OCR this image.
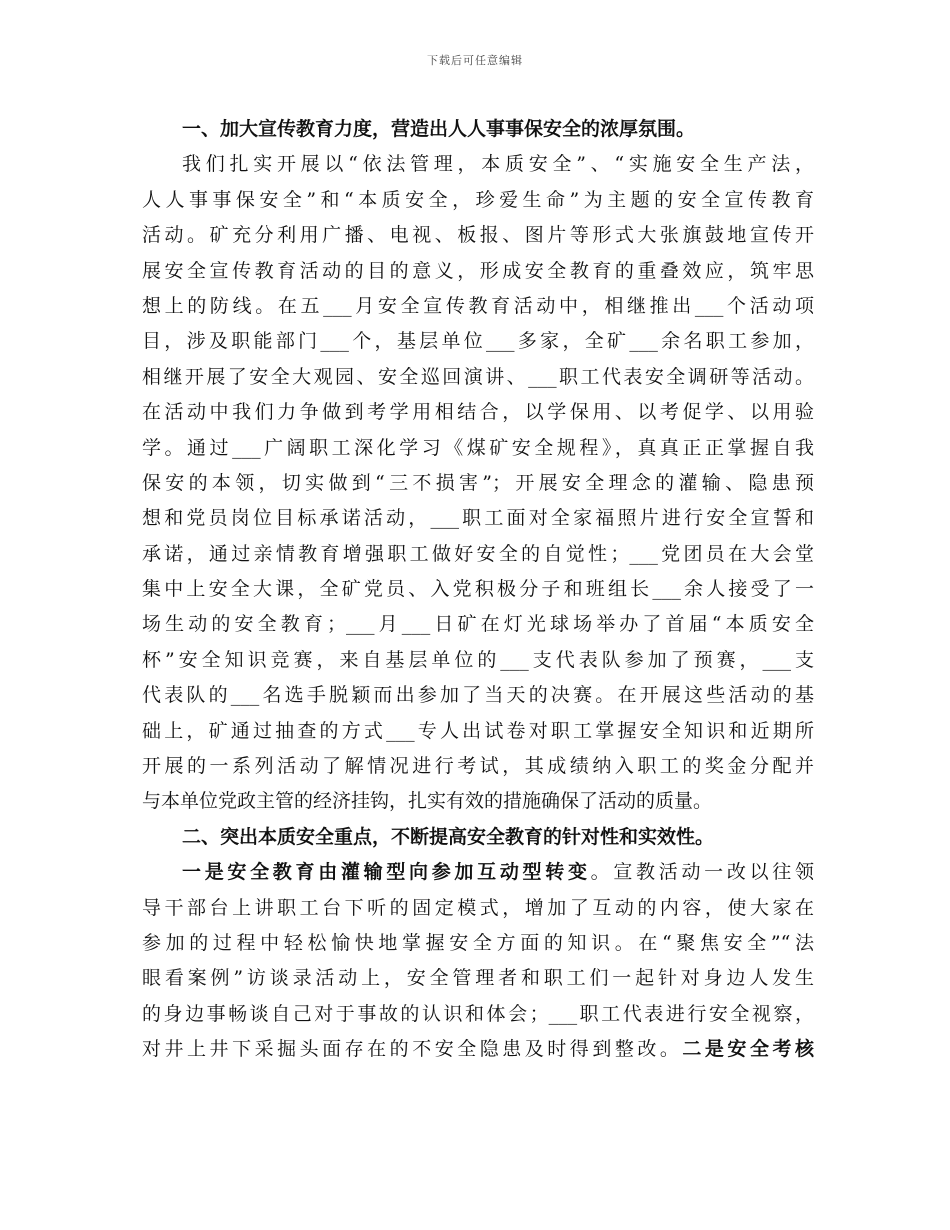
下载后可任意编辑
一、加大宣传教育力度，营造出人人事事保安全的浓厚氛围。
我们扎实开展以“依法管理，本质安全”、“实施安全生产法，
人人事事保安全”和“本质安全，珍爱生命”为主题的安全宣传教育
活动。矿充分利用广播、电视、板报、图片等形式大张旗鼓地宣传开
展安全宣传教育活动的目的意义，形成安全教育的重叠效应，筑牢思
想上的防线。在五___月安全宣传教育活动中，相继推出___个活动项
目，涉及职能部门___个，基层单位___多家，全矿___余名职工参加，
相继开展了安全大观园、安全巡回演讲、___职工代表安全调研等活动。
在活动中我们力争做到考学用相结合，以学保用、以考促学、以用验
学。通过___广阔职工深化学习《煤矿安全规程》，真真正正掌握自我
保安的本领，切实做到“三不损害”；开展安全理念的灌输、隐患预
想和党员岗位目标承诺活动，___职工面对全家福照片进行安全宣誓和
承诺，通过亲情教育增强职工做好安全的自觉性；___党团员在大会堂
集中上安全大课，全矿党员、入党积极分子和班组长___余人接受了一
场生动的安全教育；___月___日矿在灯光球场举办了首届“本质安全
杯”安全知识竞赛，来自基层单位的___支代表队参加了预赛，___支
代表队的___名选手脱颖而出参加了当天的决赛。在开展这些活动的基
础上，矿通过抽查的方式___专人出试卷对职工掌握安全知识和近期所
开展的一系列活动了解情况进行考试，其成绩纳入职工的奖金分配并
与本单位党政主管的经济挂钩，扎实有效的措施确保了活动的质量。
二、突出本质安全重点，不断提高安全教育的针对性和实效性。
一是安全教育由灌输型向参加互动型转变。宣教活动一改以往领
导干部台上讲职工台下听的固定模式，增加了互动的内容，使大家在
参加的过程中轻松愉快地掌握安全方面的知识。在“聚焦安全”“法
眼看案例”访谈录活动上，安全管理者和职工们一起针对身边人发生
的身边事畅谈自己对于事故的认识和体会；___职工代表进行安全视察，
对井上井下采掘头面存在的不安全隐患及时得到整改。二是安全考核
